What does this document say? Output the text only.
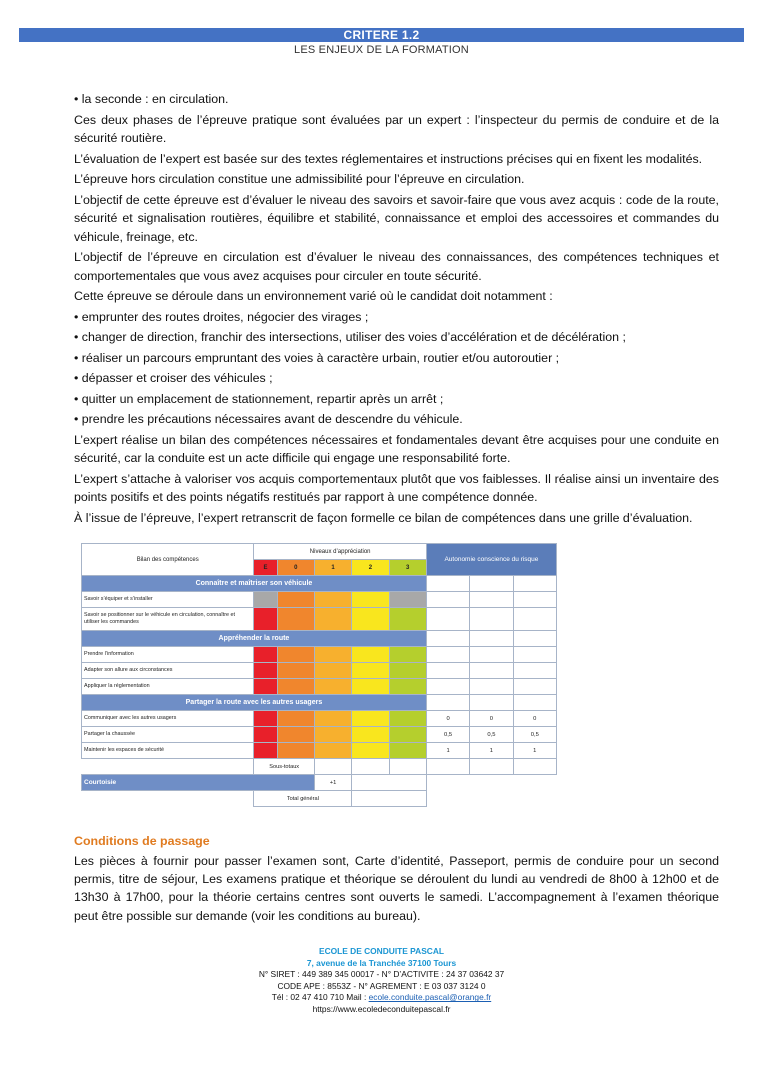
CRITERE 1.2
LES ENJEUX DE LA FORMATION

• la seconde : en circulation.

Ces deux phases de l’épreuve pratique sont évaluées par un expert : l’inspecteur du permis de conduire et de la sécurité routière.

L’évaluation de l’expert est basée sur des textes réglementaires et instructions précises qui en fixent les modalités.

L’épreuve hors circulation constitue une admissibilité pour l’épreuve en circulation.

L’objectif de cette épreuve est d’évaluer le niveau des savoirs et savoir-faire que vous avez acquis : code de la route, sécurité et signalisation routières, équilibre et stabilité, connaissance et emploi des accessoires et commandes du véhicule, freinage, etc.

L’objectif de l’épreuve en circulation est d’évaluer le niveau des connaissances, des compétences techniques et comportementales que vous avez acquises pour circuler en toute sécurité.

Cette épreuve se déroule dans un environnement varié où le candidat doit notamment :

• emprunter des routes droites, négocier des virages ;

• changer de direction, franchir des intersections, utiliser des voies d’accélération et de décélération ;

• réaliser un parcours empruntant des voies à caractère urbain, routier et/ou autoroutier ;

• dépasser et croiser des véhicules ;

• quitter un emplacement de stationnement, repartir après un arrêt ;

• prendre les précautions nécessaires avant de descendre du véhicule.

L’expert réalise un bilan des compétences nécessaires et fondamentales devant être acquises pour une conduite en sécurité, car la conduite est un acte difficile qui engage une responsabilité forte.

L’expert s’attache à valoriser vos acquis comportementaux plutôt que vos faiblesses. Il réalise ainsi un inventaire des points positifs et des points négatifs restitués par rapport à une compétence donnée.

À l’issue de l’épreuve, l’expert retranscrit de façon formelle ce bilan de compétences dans une grille d’évaluation.

Bilan des compétences	Niveaux d’appréciation					Autonomie conscience du risque		
	E	0	1	2	3			
Connaître et maîtriser son véhicule								
Savoir s’équiper et s’installer								
Savoir se positionner sur le véhicule en circulation, connaître et utiliser les commandes								
Appréhender la route								
Prendre l’information								
Adapter son allure aux circonstances								
Appliquer la réglementation								
Partager la route avec les autres usagers								
Communiquer avec les autres usagers						0	0	0
Partager la chaussée						0,5	0,5	0,5
Maintenir les espaces de sécurité						1	1	1
	Sous-totaux							
Courtoisie			+1					
	Total général							
Conditions de passage
Les pièces à fournir pour passer l’examen sont, Carte d’identité, Passeport, permis de conduire pour un second permis, titre de séjour, Les examens pratique et théorique se déroulent du lundi au vendredi de 8h00 à 12h00 et de 13h30 à 17h00, pour la théorie certains centres sont ouverts le samedi. L’accompagnement à l’examen théorique peut être possible sur demande (voir les conditions au bureau).
ECOLE DE CONDUITE PASCAL
7, avenue de la Tranchée 37100 Tours
N° SIRET : 449 389 345 00017 - N° D’ACTIVITE : 24 37 03642 37
CODE APE : 8553Z - N° AGREMENT : E 03 037 3124 0
Tél : 02 47 410 710 Mail : ecole.conduite.pascal@orange.fr
https://www.ecoledeconduitepascal.fr
